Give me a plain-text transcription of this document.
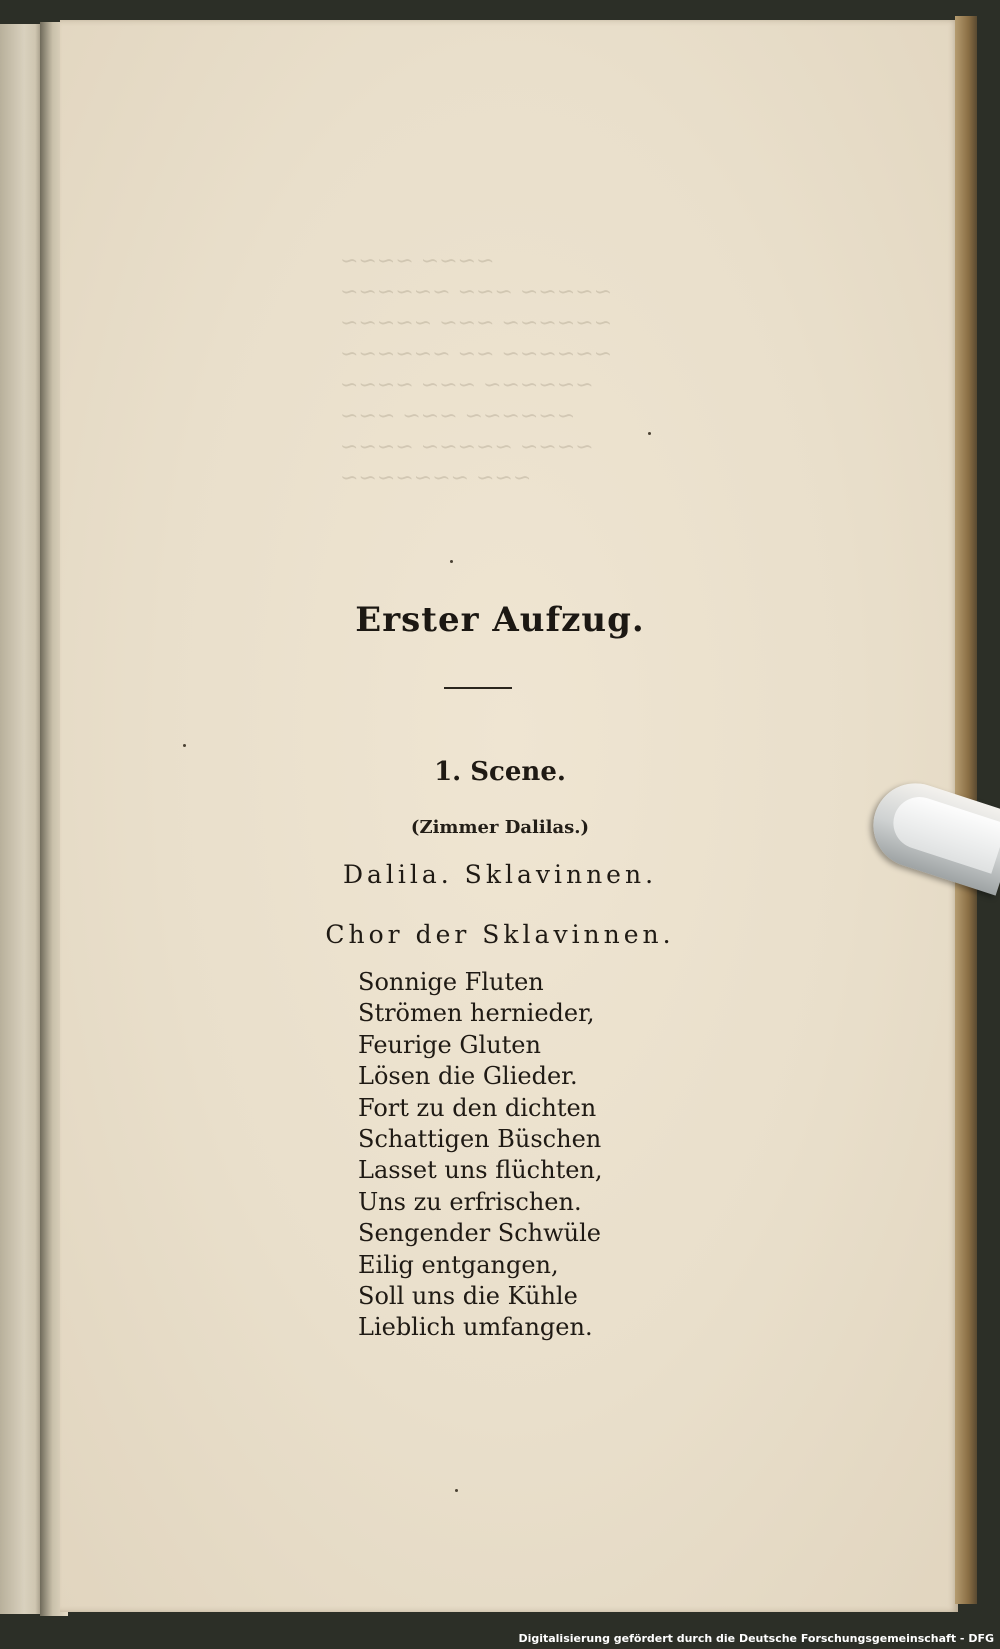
~~~~ ~~~~
~~~~~ ~~~ ~~~~~~
~~~~~~ ~~~ ~~~~~
~~~~~~ ~~ ~~~~~~
~~~~~~ ~~~ ~~~~
~~~~~~ ~~~ ~~~
~~~~ ~~~~~ ~~~~
~~~ ~~~~~~~
Erster Aufzug.
1. Scene.
(Zimmer Dalilas.)
Dalila. Sklavinnen.
Chor der Sklavinnen.
Sonnige Fluten
Strömen hernieder,
Feurige Gluten
Lösen die Glieder.
Fort zu den dichten
Schattigen Büschen
Lasset uns flüchten,
Uns zu erfrischen.
Sengender Schwüle
Eilig entgangen,
Soll uns die Kühle
Lieblich umfangen.
Digitalisierung gefördert durch die Deutsche Forschungsgemeinschaft - DFG
